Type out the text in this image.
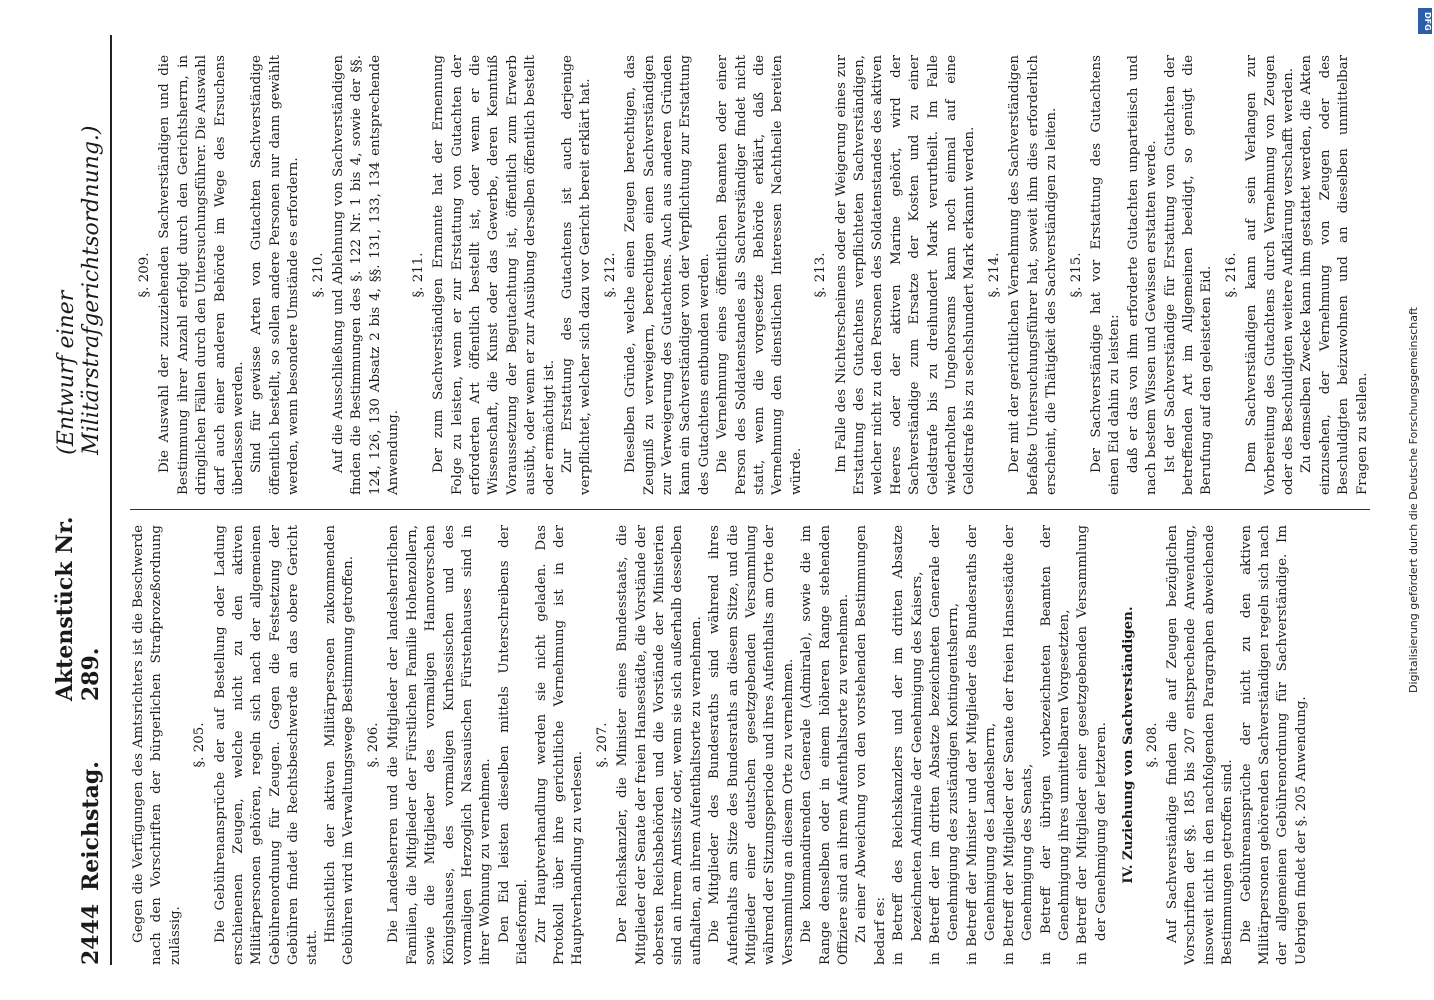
2444
Reichstag.
Aktenstück Nr. 289.
(Entwurf einer Militärstrafgerichtsordnung.)

Gegen die Verfügungen des Amtsrichters ist die Beschwerde nach den Vorschriften der bürgerlichen Strafprozeßordnung zulässig.

§. 205. Die Gebührenansprüche der auf Bestellung oder Ladung erschienenen Zeugen, welche nicht zu den aktiven Militärpersonen gehören, regeln sich nach der allgemeinen Gebührenordnung für Zeugen. Gegen die Festsetzung der Gebühren findet die Rechtsbeschwerde an das obere Gericht statt.

Hinsichtlich der aktiven Militärpersonen zukommenden Gebühren wird im Verwaltungswege Bestimmung getroffen. §. 206. Die Landesherren und die Mitglieder der landesherrlichen Familien, die Mitglieder der Fürstlichen Familie Hohenzollern, sowie die Mitglieder des vormaligen Hannoverschen Königshauses, des vormaligen Kurhessischen und des vormaligen Herzoglich Nassauischen Fürstenhauses sind in ihrer Wohnung zu vernehmen. Den Eid leisten dieselben mittels Unterschreibens der Eidesformel. Zur Hauptverhandlung werden sie nicht geladen. Das Protokoll über ihre gerichtliche Vernehmung ist in der Hauptverhandlung zu verlesen.

§. 207. Der Reichskanzler, die Minister eines Bundesstaats, die Mitglieder der Senate der freien Hansestädte, die Vorstände der obersten Reichsbehörden und die Vorstände der Ministerien sind an ihrem Amtssitz oder, wenn sie sich außerhalb desselben aufhalten, an ihrem Aufenthaltsorte zu vernehmen. Die Mitglieder des Bundesraths sind während ihres Aufenthalts am Sitze des Bundesraths an diesem Sitze, und die Mitglieder einer deutschen gesetzgebenden Versammlung während der Sitzungsperiode und ihres Aufenthalts am Orte der Versammlung an diesem Orte zu vernehmen. Die kommandirenden Generale (Admirale), sowie die im Range denselben oder in einem höheren Range stehenden Offiziere sind an ihrem Aufenthaltsorte zu vernehmen. Zu einer Abweichung von den vorstehenden Bestimmungen bedarf es: in Betreff des Reichskanzlers und der im dritten Absatze bezeichneten Admirale der Genehmigung des Kaisers, in Betreff der im dritten Absatze bezeichneten Generale der Genehmigung des zuständigen Kontingentsherrn, in Betreff der Minister und der Mitglieder des Bundesraths der Genehmigung des Landesherrn, in Betreff der Mitglieder der Senate der freien Hansestädte der Genehmigung des Senats, in Betreff der übrigen vorbezeichneten Beamten der Genehmigung ihres unmittelbaren Vorgesetzten, in Betreff der Mitglieder einer gesetzgebenden Versammlung der Genehmigung der letzteren. IV. Zuziehung von Sachverständigen. §. 208. Auf Sachverständige finden die auf Zeugen bezüglichen Vorschriften der §§. 185 bis 207 entsprechende Anwendung, insoweit nicht in den nachfolgenden Paragraphen abweichende Bestimmungen getroffen sind. Die Gebührenansprüche der nicht zu den aktiven Militärpersonen gehörenden Sachverständigen regeln sich nach der allgemeinen Gebührenordnung für Sachverständige. Im Uebrigen findet der §. 205 Anwendung.

§. 209. Die Auswahl der zuzuziehenden Sachverständigen und die Bestimmung ihrer Anzahl erfolgt durch den Gerichtsherrn, in dringlichen Fällen durch den Untersuchungsführer. Die Auswahl darf auch einer anderen Behörde im Wege des Ersuchens überlassen werden. Sind für gewisse Arten von Gutachten Sachverständige öffentlich bestellt, so sollen andere Personen nur dann gewählt werden, wenn besondere Umstände es erfordern. §. 210. Auf die Ausschließung und Ablehnung von Sachverständigen finden die Bestimmungen des §. 122 Nr. 1 bis 4, sowie der §§. 124, 126, 130 Absatz 2 bis 4, §§. 131, 133, 134 entsprechende Anwendung.

§. 211. Der zum Sachverständigen Ernannte hat der Ernennung Folge zu leisten, wenn er zur Erstattung von Gutachten der erforderten Art öffentlich bestellt ist, oder wenn er die Wissenschaft, die Kunst oder das Gewerbe, deren Kenntniß Voraussetzung der Begutachtung ist, öffentlich zum Erwerb ausübt, oder wenn er zur Ausübung derselben öffentlich bestellt oder ermächtigt ist. Zur Erstattung des Gutachtens ist auch derjenige verpflichtet, welcher sich dazu vor Gericht bereit erklärt hat. §. 212. Dieselben Gründe, welche einen Zeugen berechtigen, das Zeugniß zu verweigern, berechtigen einen Sachverständigen zur Verweigerung des Gutachtens. Auch aus anderen Gründen kann ein Sachverständiger von der Verpflichtung zur Erstattung des Gutachtens entbunden werden. Die Vernehmung eines öffentlichen Beamten oder einer Person des Soldatenstandes als Sachverständiger findet nicht statt, wenn die vorgesetzte Behörde erklärt, daß die Vernehmung den dienstlichen Interessen Nachtheile bereiten würde.

§. 213. Im Falle des Nichterscheinens oder der Weigerung eines zur Erstattung des Gutachtens verpflichteten Sachverständigen, welcher nicht zu den Personen des Soldatenstandes des aktiven Heeres oder der aktiven Marine gehört, wird der Sachverständige zum Ersatze der Kosten und zu einer Geldstrafe bis zu dreihundert Mark verurtheilt. Im Falle wiederholten Ungehorsams kann noch einmal auf eine Geldstrafe bis zu sechshundert Mark erkannt werden. §. 214. Der mit der gerichtlichen Vernehmung des Sachverständigen befaßte Untersuchungsführer hat, soweit ihm dies erforderlich erscheint, die Thätigkeit des Sachverständigen zu leiten. §. 215. Der Sachverständige hat vor Erstattung des Gutachtens einen Eid dahin zu leisten: daß er das von ihm erforderte Gutachten unparteiisch und nach bestem Wissen und Gewissen erstatten werde. Ist der Sachverständige für Erstattung von Gutachten der betreffenden Art im Allgemeinen beeidigt, so genügt die Berufung auf den geleisteten Eid. §. 216. Dem Sachverständigen kann auf sein Verlangen zur Vorbereitung des Gutachtens durch Vernehmung von Zeugen oder des Beschuldigten weitere Aufklärung verschafft werden. Zu demselben Zwecke kann ihm gestattet werden, die Akten einzusehen, der Vernehmung von Zeugen oder des Beschuldigten beizuwohnen und an dieselben unmittelbar Fragen zu stellen.	Digitalisierung gefördert durch die Deutsche Forschungsgemeinschaft
DFG
